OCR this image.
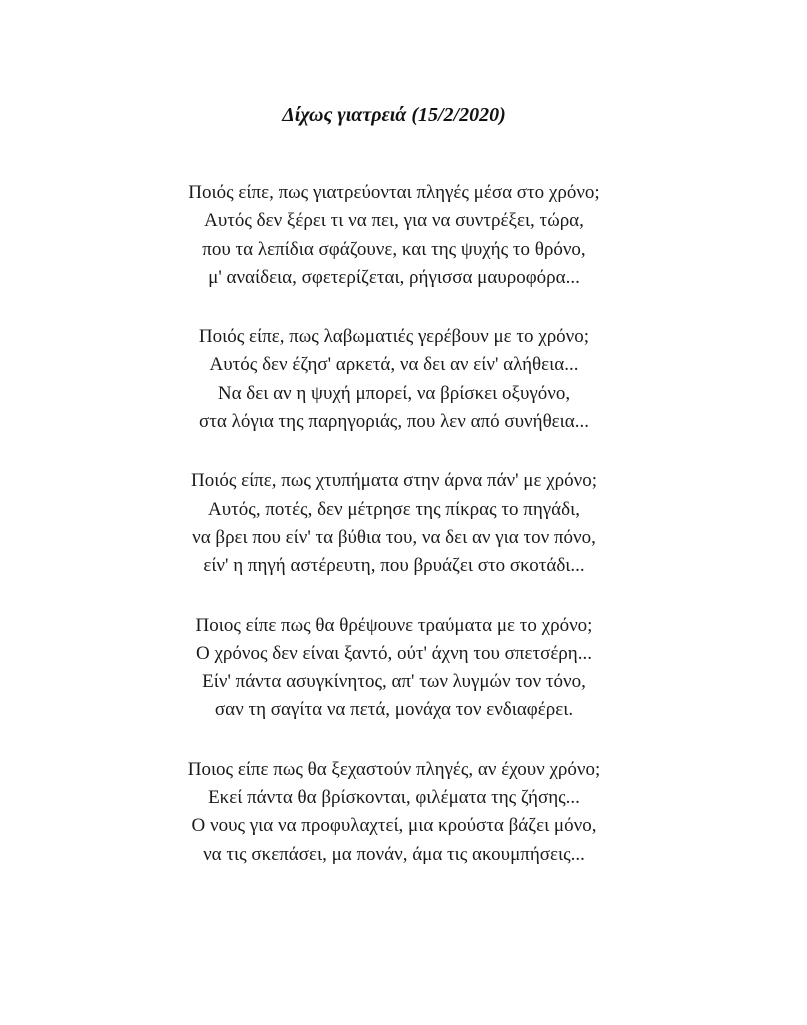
Δίχως γιατρειά (15/2/2020)
Ποιός είπε, πως γιατρεύονται πληγές μέσα στο χρόνο;
Αυτός δεν ξέρει τι να πει, για να συντρέξει, τώρα,
που τα λεπίδια σφάζουνε, και της ψυχής το θρόνο,
μ' αναίδεια, σφετερίζεται, ρήγισσα μαυροφόρα...
Ποιός είπε, πως λαβωματιές γερέβουν με το χρόνο;
Αυτός δεν έζησ' αρκετά, να δει αν είν' αλήθεια...
Να δει αν η ψυχή μπορεί, να βρίσκει οξυγόνο,
στα λόγια της παρηγοριάς, που λεν από συνήθεια...
Ποιός είπε, πως χτυπήματα στην άρνα πάν' με χρόνο;
Αυτός, ποτές, δεν μέτρησε της πίκρας το πηγάδι,
να βρει που είν' τα βύθια του, να δει αν για τον πόνο,
είν' η πηγή αστέρευτη, που βρυάζει στο σκοτάδι...
Ποιος είπε πως θα θρέψουνε τραύματα με το χρόνο;
Ο χρόνος δεν είναι ξαντό, ούτ' άχνη του σπετσέρη...
Είν' πάντα ασυγκίνητος, απ' των λυγμών τον τόνο,
σαν τη σαγίτα να πετά, μονάχα τον ενδιαφέρει.
Ποιος είπε πως θα ξεχαστούν πληγές, αν έχουν χρόνο;
Εκεί πάντα θα βρίσκονται, φιλέματα της ζήσης...
Ο νους για να προφυλαχτεί, μια κρούστα βάζει μόνο,
να τις σκεπάσει, μα πονάν, άμα τις ακουμπήσεις...
